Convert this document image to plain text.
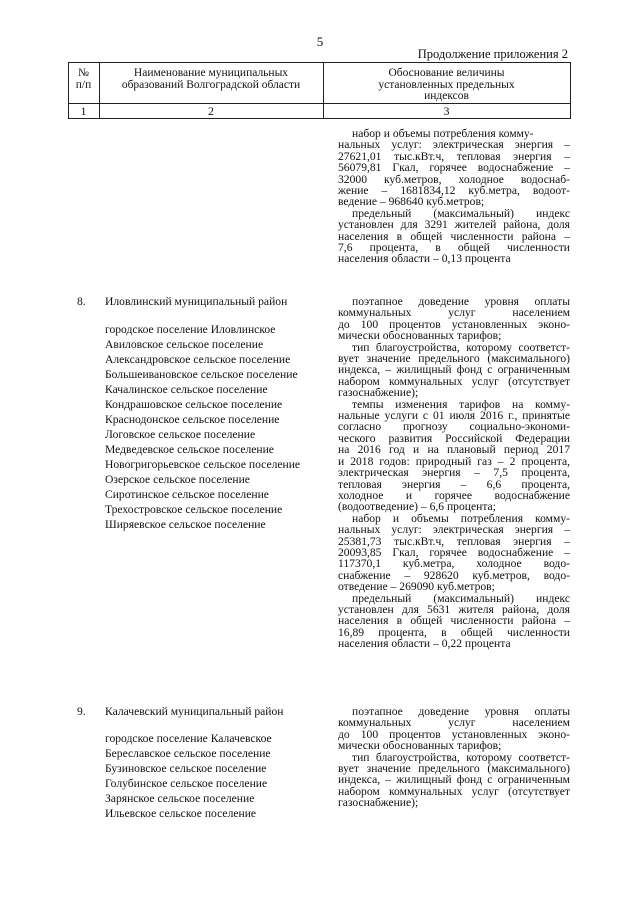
5
Продолжение приложения 2
№
п/п
Наименование муниципальных
образований Волгоградской области
Обоснование величины
установленных предельных
индексов
1	2	3
набор и объемы потребления комму-
нальных услуг: электрическая энергия –
27621,01 тыс.кВт.ч, тепловая энергия –
56079,81 Гкал, горячее водоснабжение –
32000 куб.метров, холодное водоснаб-
жение – 1681834,12 куб.метра, водоот-
ведение – 968640 куб.метров;
предельный (максимальный) индекс
установлен для 3291 жителей района, доля
населения в общей численности района –
7,6 процента, в общей численности
населения области – 0,13 процента
8. Иловлинский муниципальный район
городское поселение Иловлинское
Авиловское сельское поселение
Александровское сельское поселение
Большеивановское сельское поселение
Качалинское сельское поселение
Кондрашовское сельское поселение
Краснодонское сельское поселение
Логовское сельское поселение
Медведевское сельское поселение
Новогригорьевское сельское поселение
Озерское сельское поселение
Сиротинское сельское поселение
Трехостровское сельское поселение
Ширяевское сельское поселение
поэтапное доведение уровня оплаты
коммунальных услуг населением
до 100 процентов установленных эконо-
мически обоснованных тарифов;
тип благоустройства, которому соответст-
вует значение предельного (максимального)
индекса, – жилищный фонд с ограниченным
набором коммунальных услуг (отсутствует
газоснабжение);
темпы изменения тарифов на комму-
нальные услуги с 01 июля 2016 г., принятые
согласно прогнозу социально-экономи-
ческого развития Российской Федерации
на 2016 год и на плановый период 2017
и 2018 годов: природный газ – 2 процента,
электрическая энергия – 7,5 процента,
тепловая энергия – 6,6 процента,
холодное и горячее водоснабжение
(водоотведение) – 6,6 процента;
набор и объемы потребления комму-
нальных услуг: электрическая энергия –
25381,73 тыс.кВт.ч, тепловая энергия –
20093,85 Гкал, горячее водоснабжение –
117370,1 куб.метра, холодное водо-
снабжение – 928620 куб.метров, водо-
отведение – 269090 куб.метров;
предельный (максимальный) индекс
установлен для 5631 жителя района, доля
населения в общей численности района –
16,89 процента, в общей численности
населения области – 0,22 процента
9. Калачевский муниципальный район
городское поселение Калачевское
Береславское сельское поселение
Бузиновское сельское поселение
Голубинское сельское поселение
Зарянское сельское поселение
Ильевское сельское поселение
поэтапное доведение уровня оплаты
коммунальных услуг населением
до 100 процентов установленных эконо-
мически обоснованных тарифов;
тип благоустройства, которому соответст-
вует значение предельного (максимального)
индекса, – жилищный фонд с ограниченным
набором коммунальных услуг (отсутствует
газоснабжение);
